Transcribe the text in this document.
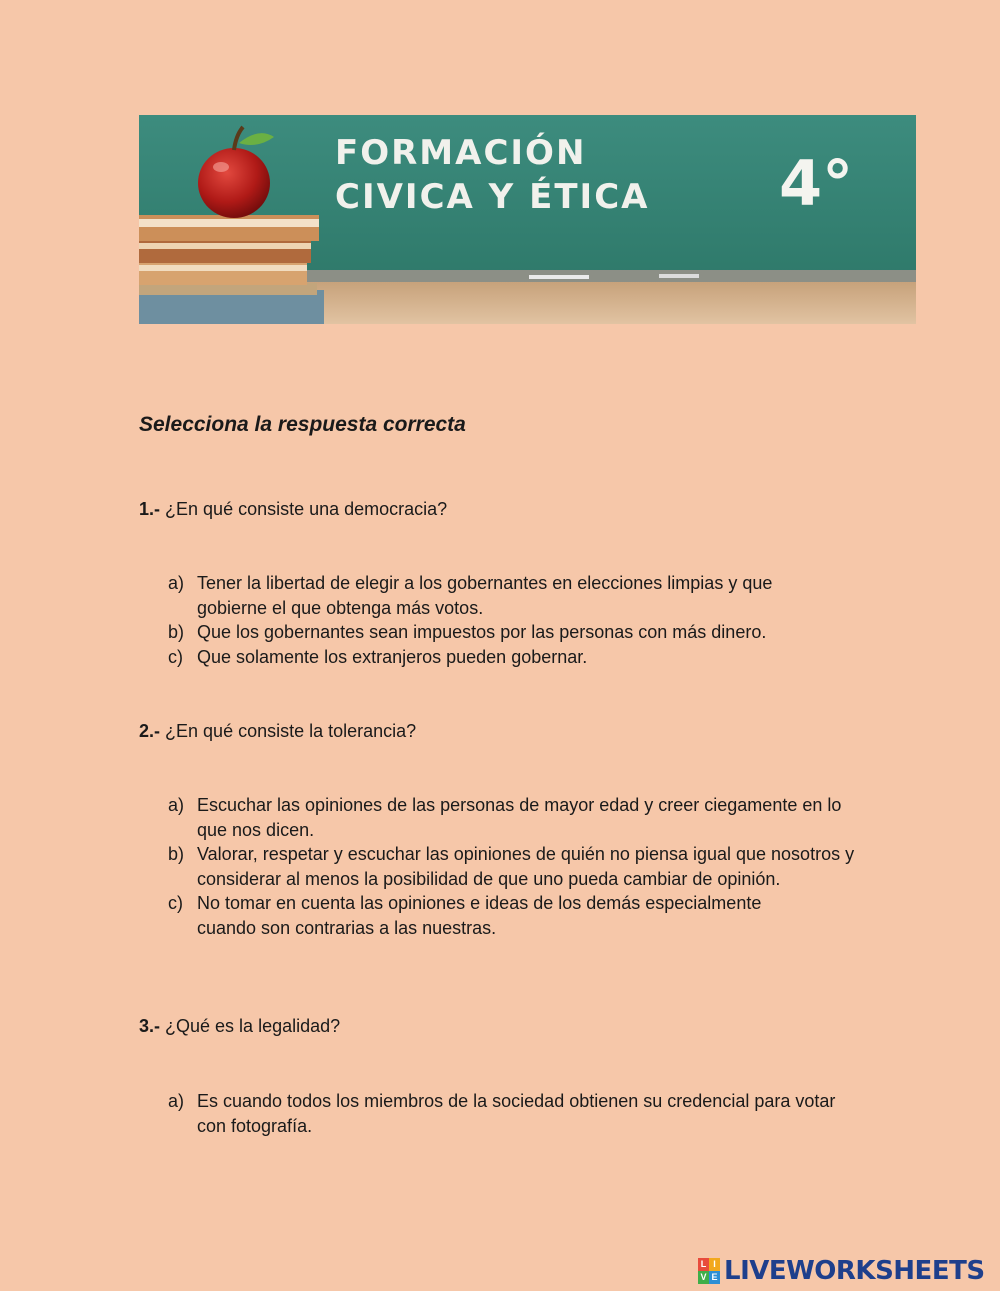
FORMACIÓN
CIVICA Y ÉTICA 4°

Selecciona la respuesta correcta

1.- ¿En qué consiste una democracia?

a) Tener la libertad de elegir a los gobernantes en elecciones limpias y que gobierne el que obtenga más votos.
b) Que los gobernantes sean impuestos por las personas con más dinero.
c) Que solamente los extranjeros pueden gobernar.

2.- ¿En qué consiste la tolerancia?

a) Escuchar las opiniones de las personas de mayor edad y creer ciegamente en lo que nos dicen.
b) Valorar, respetar y escuchar las opiniones de quién no piensa igual que nosotros y considerar al menos la posibilidad de que uno pueda cambiar de opinión.
c) No tomar en cuenta las opiniones e ideas de los demás especialmente cuando son contrarias a las nuestras.

3.- ¿Qué es la legalidad?

a) Es cuando todos los miembros de la sociedad obtienen su credencial para votar con fotografía.
L I
V E LIVEWORKSHEETS
